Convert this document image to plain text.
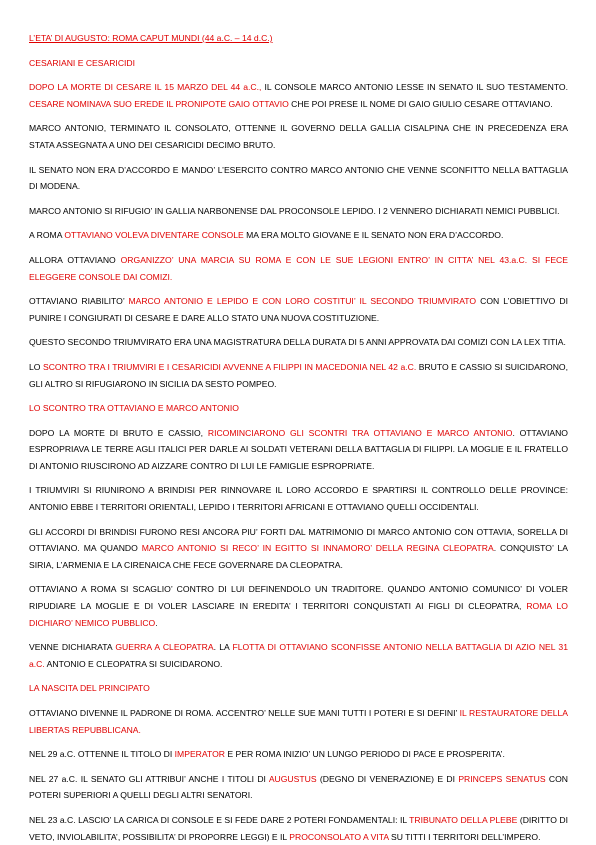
L’ETA’ DI AUGUSTO: ROMA CAPUT MUNDI (44 a.C. – 14 d.C.)

CESARIANI E CESARICIDI

DOPO LA MORTE DI CESARE IL 15 MARZO DEL 44 a.C., IL CONSOLE MARCO ANTONIO LESSE IN SENATO IL SUO TESTAMENTO. CESARE NOMINAVA SUO EREDE IL PRONIPOTE GAIO OTTAVIO CHE POI PRESE IL NOME DI GAIO GIULIO CESARE OTTAVIANO.

MARCO ANTONIO, TERMINATO IL CONSOLATO, OTTENNE IL GOVERNO DELLA GALLIA CISALPINA CHE IN PRECEDENZA ERA STATA ASSEGNATA A UNO DEI CESARICIDI DECIMO BRUTO.

IL SENATO NON ERA D’ACCORDO E MANDO’ L’ESERCITO CONTRO MARCO ANTONIO CHE VENNE SCONFITTO NELLA BATTAGLIA DI MODENA.

MARCO ANTONIO SI RIFUGIO’ IN GALLIA NARBONENSE DAL PROCONSOLE LEPIDO. I 2 VENNERO DICHIARATI NEMICI PUBBLICI.

A ROMA OTTAVIANO VOLEVA DIVENTARE CONSOLE MA ERA MOLTO GIOVANE E IL SENATO NON ERA D’ACCORDO.

ALLORA OTTAVIANO ORGANIZZO’ UNA MARCIA SU ROMA E CON LE SUE LEGIONI ENTRO’ IN CITTA’ NEL 43.a.C. SI FECE ELEGGERE CONSOLE DAI COMIZI.

OTTAVIANO RIABILITO’ MARCO ANTONIO E LEPIDO E CON LORO COSTITUI’ IL SECONDO TRIUMVIRATO CON L’OBIETTIVO DI PUNIRE I CONGIURATI DI CESARE E DARE ALLO STATO UNA NUOVA COSTITUZIONE.

QUESTO SECONDO TRIUMVIRATO ERA UNA MAGISTRATURA DELLA DURATA DI 5 ANNI APPROVATA DAI COMIZI CON LA LEX TITIA.

LO SCONTRO TRA I TRIUMVIRI E I CESARICIDI AVVENNE A FILIPPI IN MACEDONIA NEL 42 a.C. BRUTO E CASSIO SI SUICIDARONO, GLI ALTRO SI RIFUGIARONO IN SICILIA DA SESTO POMPEO.

LO SCONTRO TRA OTTAVIANO E MARCO ANTONIO

DOPO LA MORTE DI BRUTO E CASSIO, RICOMINCIARONO GLI SCONTRI TRA OTTAVIANO E MARCO ANTONIO. OTTAVIANO ESPROPRIAVA LE TERRE AGLI ITALICI PER DARLE AI SOLDATI VETERANI DELLA BATTAGLIA DI FILIPPI. LA MOGLIE E IL FRATELLO DI ANTONIO RIUSCIRONO AD AIZZARE CONTRO DI LUI LE FAMIGLIE ESPROPRIATE.

I TRIUMVIRI SI RIUNIRONO A BRINDISI PER RINNOVARE IL LORO ACCORDO E SPARTIRSI IL CONTROLLO DELLE PROVINCE: ANTONIO EBBE I TERRITORI ORIENTALI, LEPIDO I TERRITORI AFRICANI E OTTAVIANO QUELLI OCCIDENTALI.

GLI ACCORDI DI BRINDISI FURONO RESI ANCORA PIU’ FORTI DAL MATRIMONIO DI MARCO ANTONIO CON OTTAVIA, SORELLA DI OTTAVIANO. MA QUANDO MARCO ANTONIO SI RECO’ IN EGITTO SI INNAMORO’ DELLA REGINA CLEOPATRA. CONQUISTO’ LA SIRIA, L’ARMENIA E LA CIRENAICA CHE FECE GOVERNARE DA CLEOPATRA.

OTTAVIANO A ROMA SI SCAGLIO’ CONTRO DI LUI DEFINENDOLO UN TRADITORE. QUANDO ANTONIO COMUNICO’ DI VOLER RIPUDIARE LA MOGLIE E DI VOLER LASCIARE IN EREDITA’ I TERRITORI CONQUISTATI AI FIGLI DI CLEOPATRA, ROMA LO DICHIARO’ NEMICO PUBBLICO.

VENNE DICHIARATA GUERRA A CLEOPATRA. LA FLOTTA DI OTTAVIANO SCONFISSE ANTONIO NELLA BATTAGLIA DI AZIO NEL 31 a.C. ANTONIO E CLEOPATRA SI SUICIDARONO.

LA NASCITA DEL PRINCIPATO

OTTAVIANO DIVENNE IL PADRONE DI ROMA. ACCENTRO’ NELLE SUE MANI TUTTI I POTERI E SI DEFINI’ IL RESTAURATORE DELLA LIBERTAS REPUBBLICANA.

NEL 29 a.C. OTTENNE IL TITOLO DI IMPERATOR E PER ROMA INIZIO’ UN LUNGO PERIODO DI PACE E PROSPERITA’.

NEL 27 a.C. IL SENATO GLI ATTRIBUI’ ANCHE I TITOLI DI AUGUSTUS (DEGNO DI VENERAZIONE) E DI PRINCEPS SENATUS CON POTERI SUPERIORI A QUELLI DEGLI ALTRI SENATORI.

NEL 23 a.C. LASCIO’ LA CARICA DI CONSOLE E SI FEDE DARE 2 POTERI FONDAMENTALI: IL TRIBUNATO DELLA PLEBE (DIRITTO DI VETO, INVIOLABILITA’, POSSIBILITA’ DI PROPORRE LEGGI) E IL PROCONSOLATO A VITA SU TITTI I TERRITORI DELL’IMPERO.
